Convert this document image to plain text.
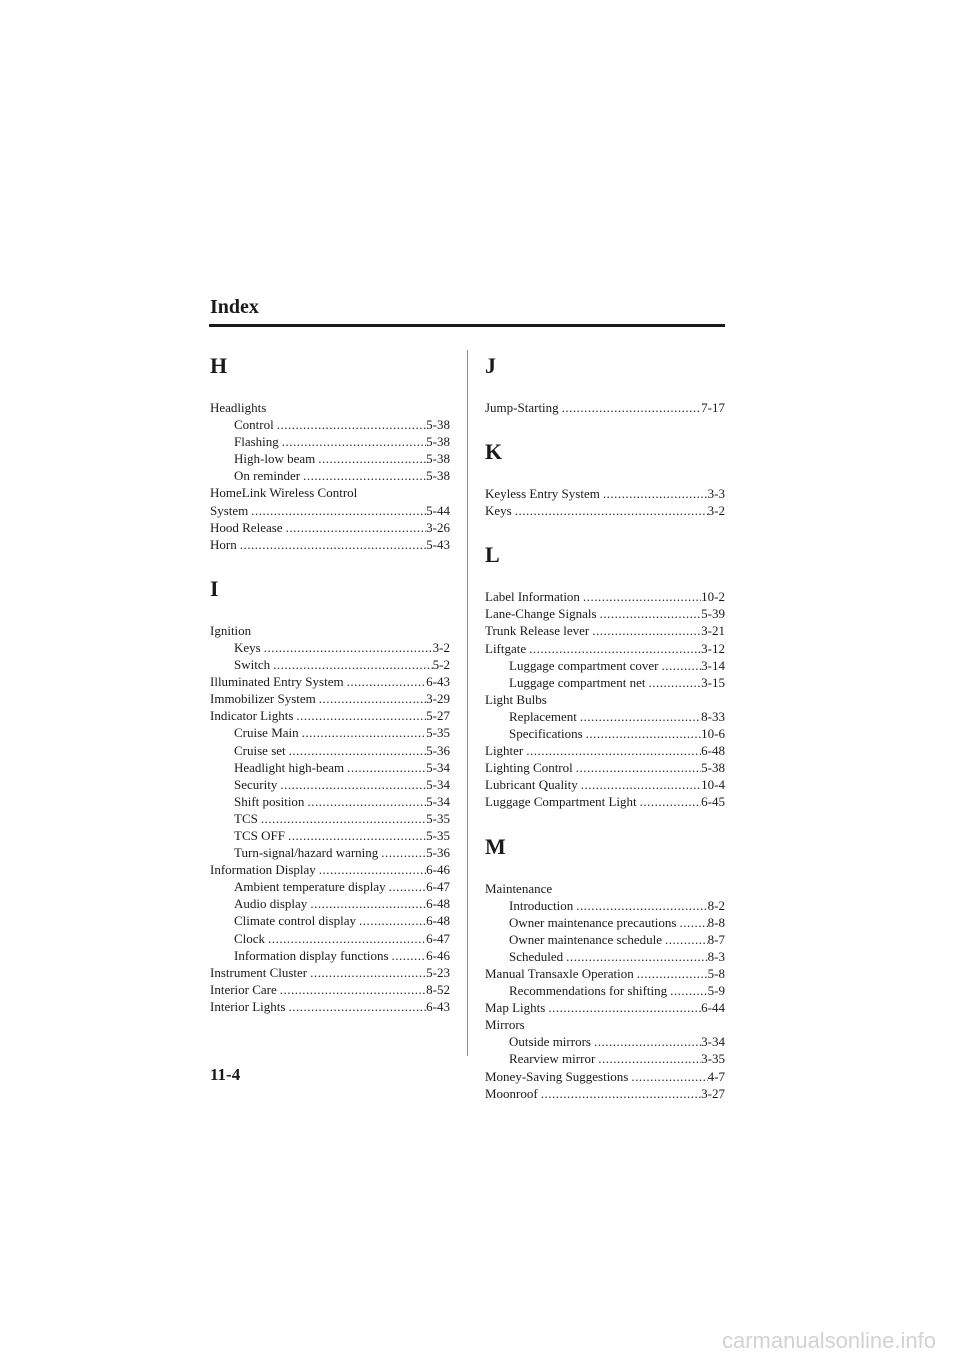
Index
H
Headlights
Control .....	5-38
Flashing .....	5-38
High-low beam .....	5-38
On reminder .....	5-38
HomeLink Wireless Control
System .....	5-44
Hood Release .....	3-26
Horn .....	5-43
I
Ignition
Keys .....	3-2
Switch .....	5-2
Illuminated Entry System .....	6-43
Immobilizer System .....	3-29
Indicator Lights .....	5-27
Cruise Main .....	5-35
Cruise set .....	5-36
Headlight high-beam .....	5-34
Security .....	5-34
Shift position .....	5-34
TCS .....	5-35
TCS OFF .....	5-35
Turn-signal/hazard warning .....	5-36
Information Display .....	6-46
Ambient temperature display .....	6-47
Audio display .....	6-48
Climate control display .....	6-48
Clock .....	6-47
Information display functions .....	6-46
Instrument Cluster .....	5-23
Interior Care .....	8-52
Interior Lights .....	6-43
J
Jump-Starting .....	7-17
K
Keyless Entry System .....	3-3
Keys .....	3-2
L
Label Information .....	10-2
Lane-Change Signals .....	5-39
Trunk Release lever .....	3-21
Liftgate .....	3-12
Luggage compartment cover .....	3-14
Luggage compartment net .....	3-15
Light Bulbs
Replacement .....	8-33
Specifications .....	10-6
Lighter .....	6-48
Lighting Control .....	5-38
Lubricant Quality .....	10-4
Luggage Compartment Light .....	6-45
M
Maintenance
Introduction .....	8-2
Owner maintenance precautions ..... 8-8
Owner maintenance schedule .....	8-7
Scheduled .....	8-3
Manual Transaxle Operation .....	5-8
Recommendations for shifting .....	5-9
Map Lights .....	6-44
Mirrors
Outside mirrors .....	3-34
Rearview mirror .....	3-35
Money-Saving Suggestions .....	4-7
Moonroof .....	3-27
11-4
carmanualsonline.info
